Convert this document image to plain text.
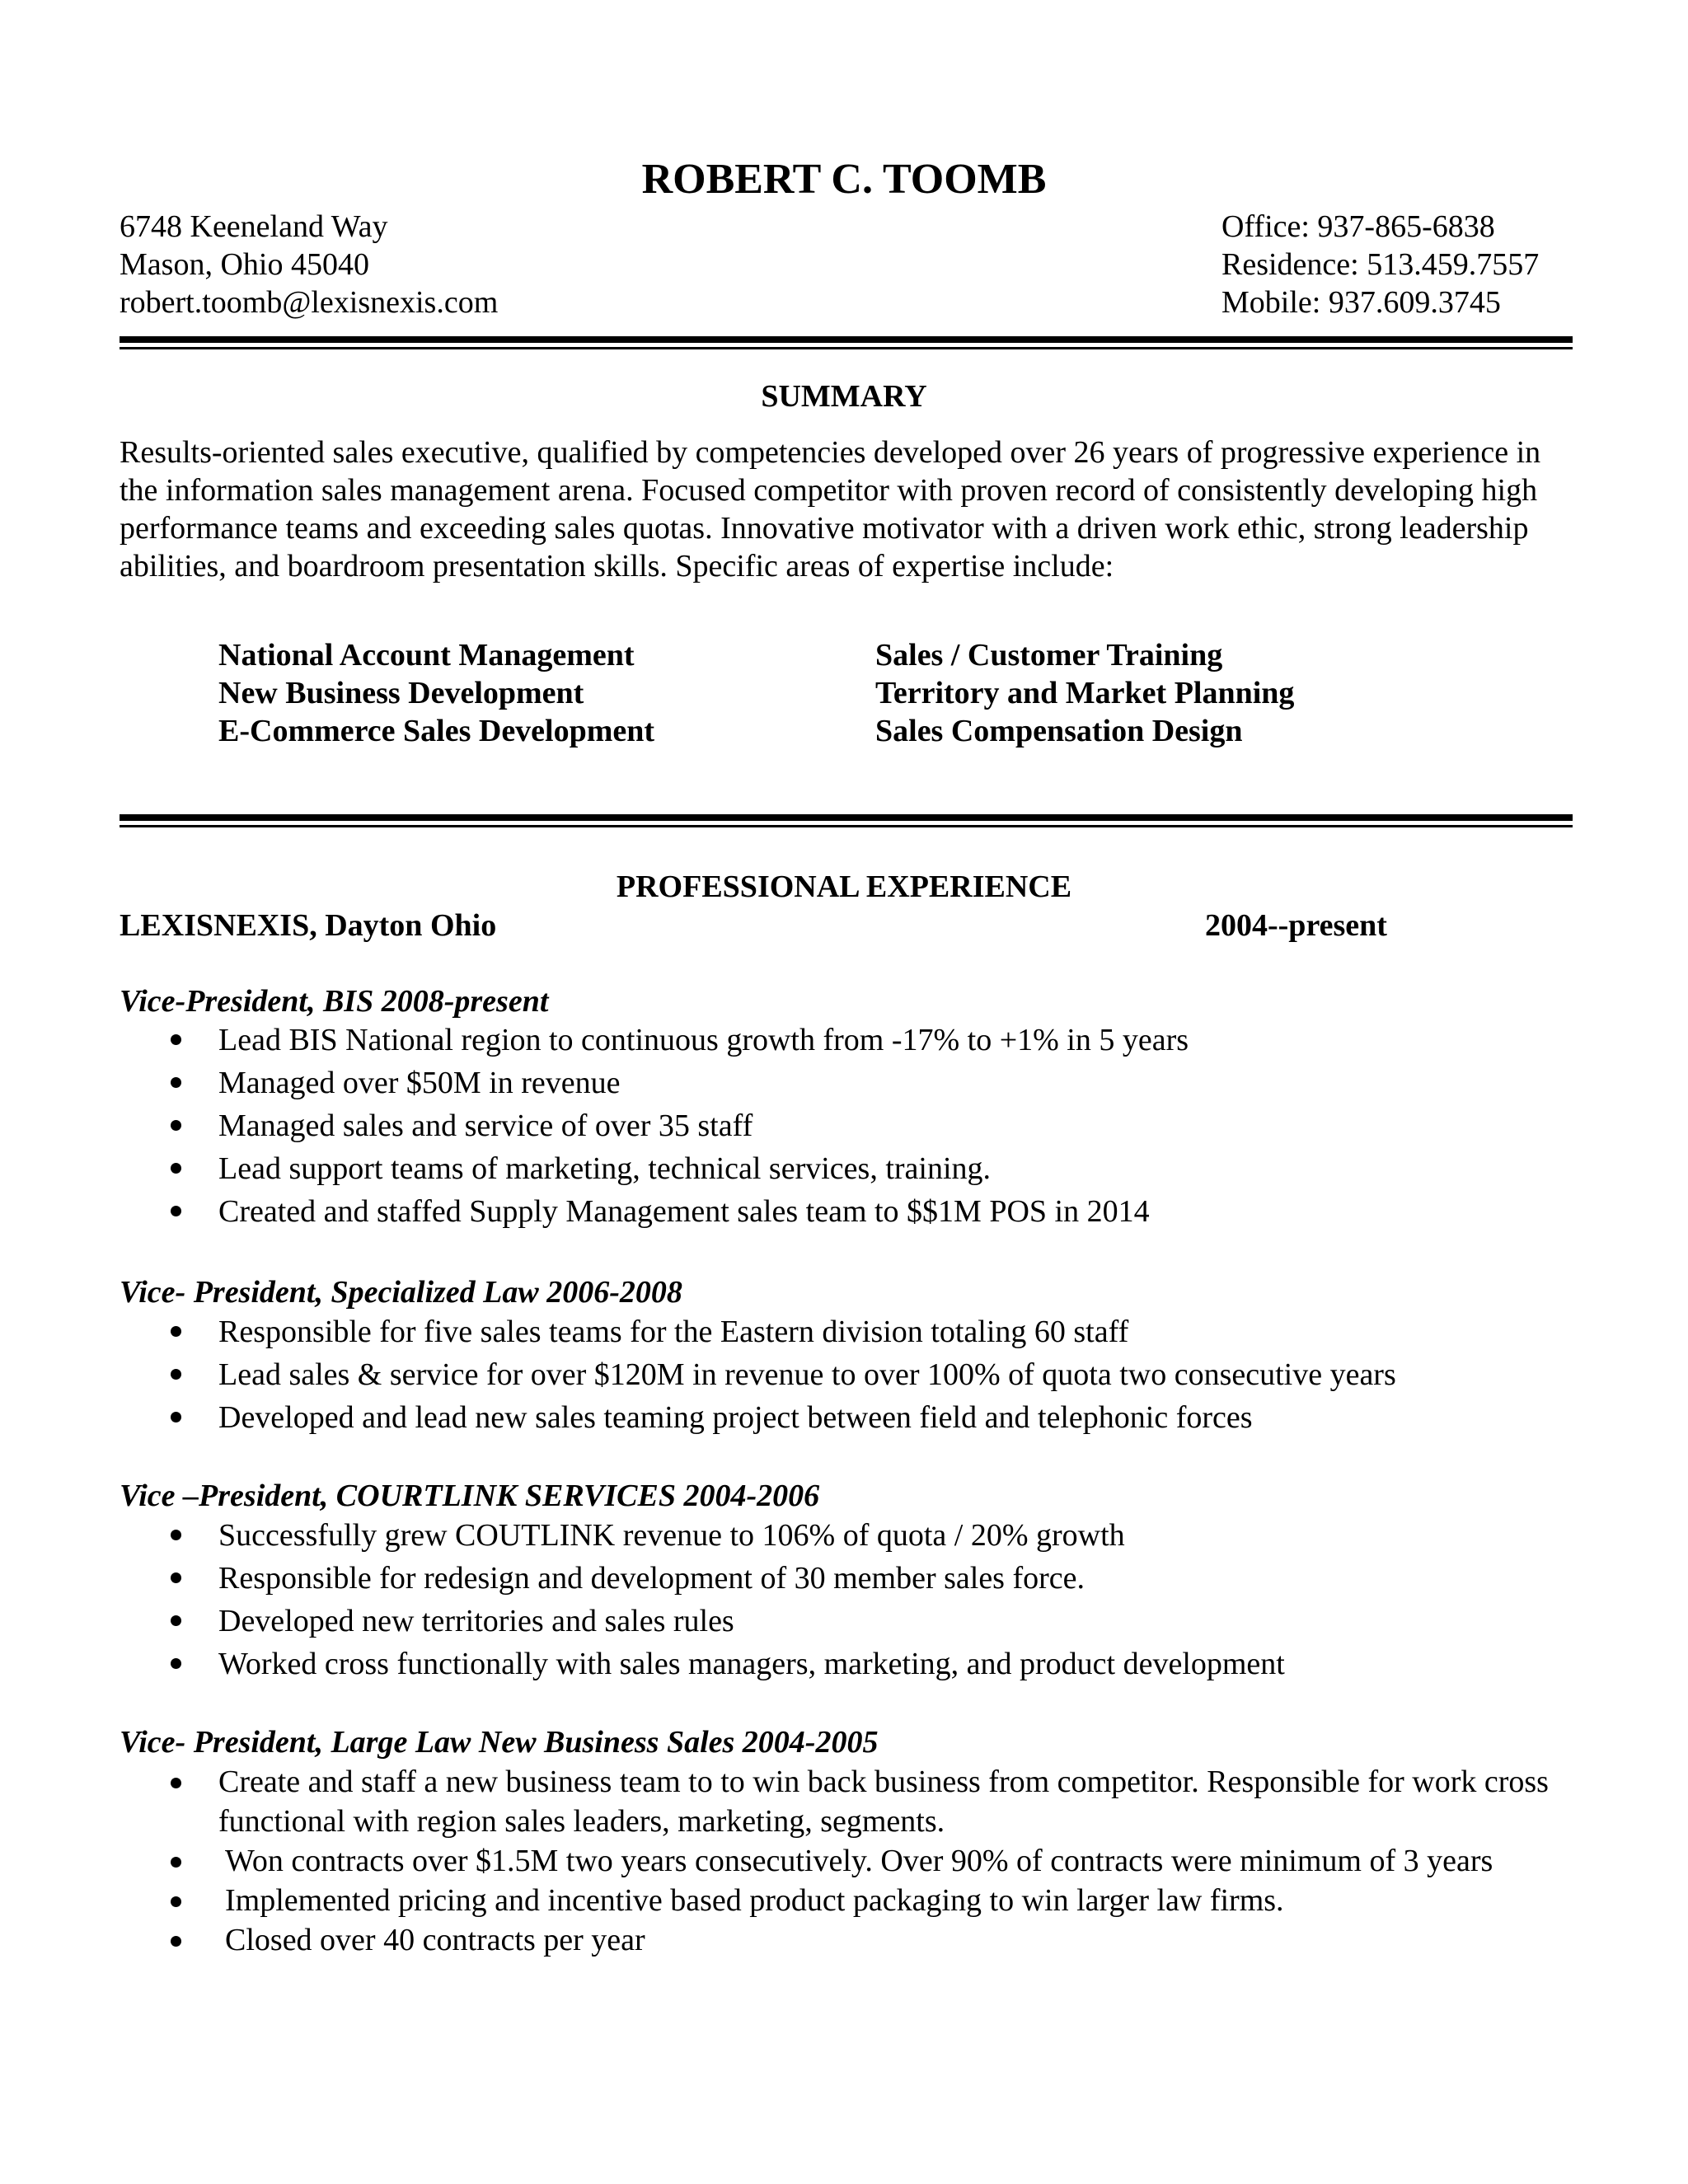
ROBERT C. TOOMB
6748 Keeneland Way
Mason, Ohio 45040
robert.toomb@lexisnexis.com
Office: 937-865-6838
Residence: 513.459.7557
Mobile: 937.609.3745
SUMMARY
Results-oriented sales executive, qualified by competencies developed over 26 years of progressive experience in the information sales management arena. Focused competitor with proven record of consistently developing high performance teams and exceeding sales quotas. Innovative motivator with a driven work ethic, strong leadership abilities, and boardroom presentation skills. Specific areas of expertise include:
National Account Management
New Business Development
E-Commerce Sales Development
Sales / Customer Training
Territory and Market Planning
Sales Compensation Design
PROFESSIONAL EXPERIENCE
LEXISNEXIS, Dayton Ohio	2004--present
Vice-President, BIS 2008-present
Lead BIS National region to continuous growth from -17% to +1% in 5 years
Managed over $50M in revenue
Managed sales and service of over 35 staff
Lead support teams of marketing, technical services, training.
Created and staffed Supply Management sales team to $$1M POS in 2014
Vice- President, Specialized Law 2006-2008
Responsible for five sales teams for the Eastern division totaling 60 staff
Lead sales & service for over $120M in revenue to over 100% of quota two consecutive years
Developed and lead new sales teaming project between field and telephonic forces
Vice –President, COURTLINK SERVICES 2004-2006
Successfully grew COUTLINK revenue to 106% of quota / 20% growth
Responsible for redesign and development of 30 member sales force.
Developed new territories and sales rules
Worked cross functionally with sales managers, marketing, and product development
Vice- President, Large Law New Business Sales 2004-2005
Create and staff a new business team to to win back business from competitor. Responsible for work cross functional with region sales leaders, marketing, segments.
Won contracts over $1.5M two years consecutively. Over 90% of contracts were minimum of 3 years
Implemented pricing and incentive based product packaging to win larger law firms.
Closed over 40 contracts per year
